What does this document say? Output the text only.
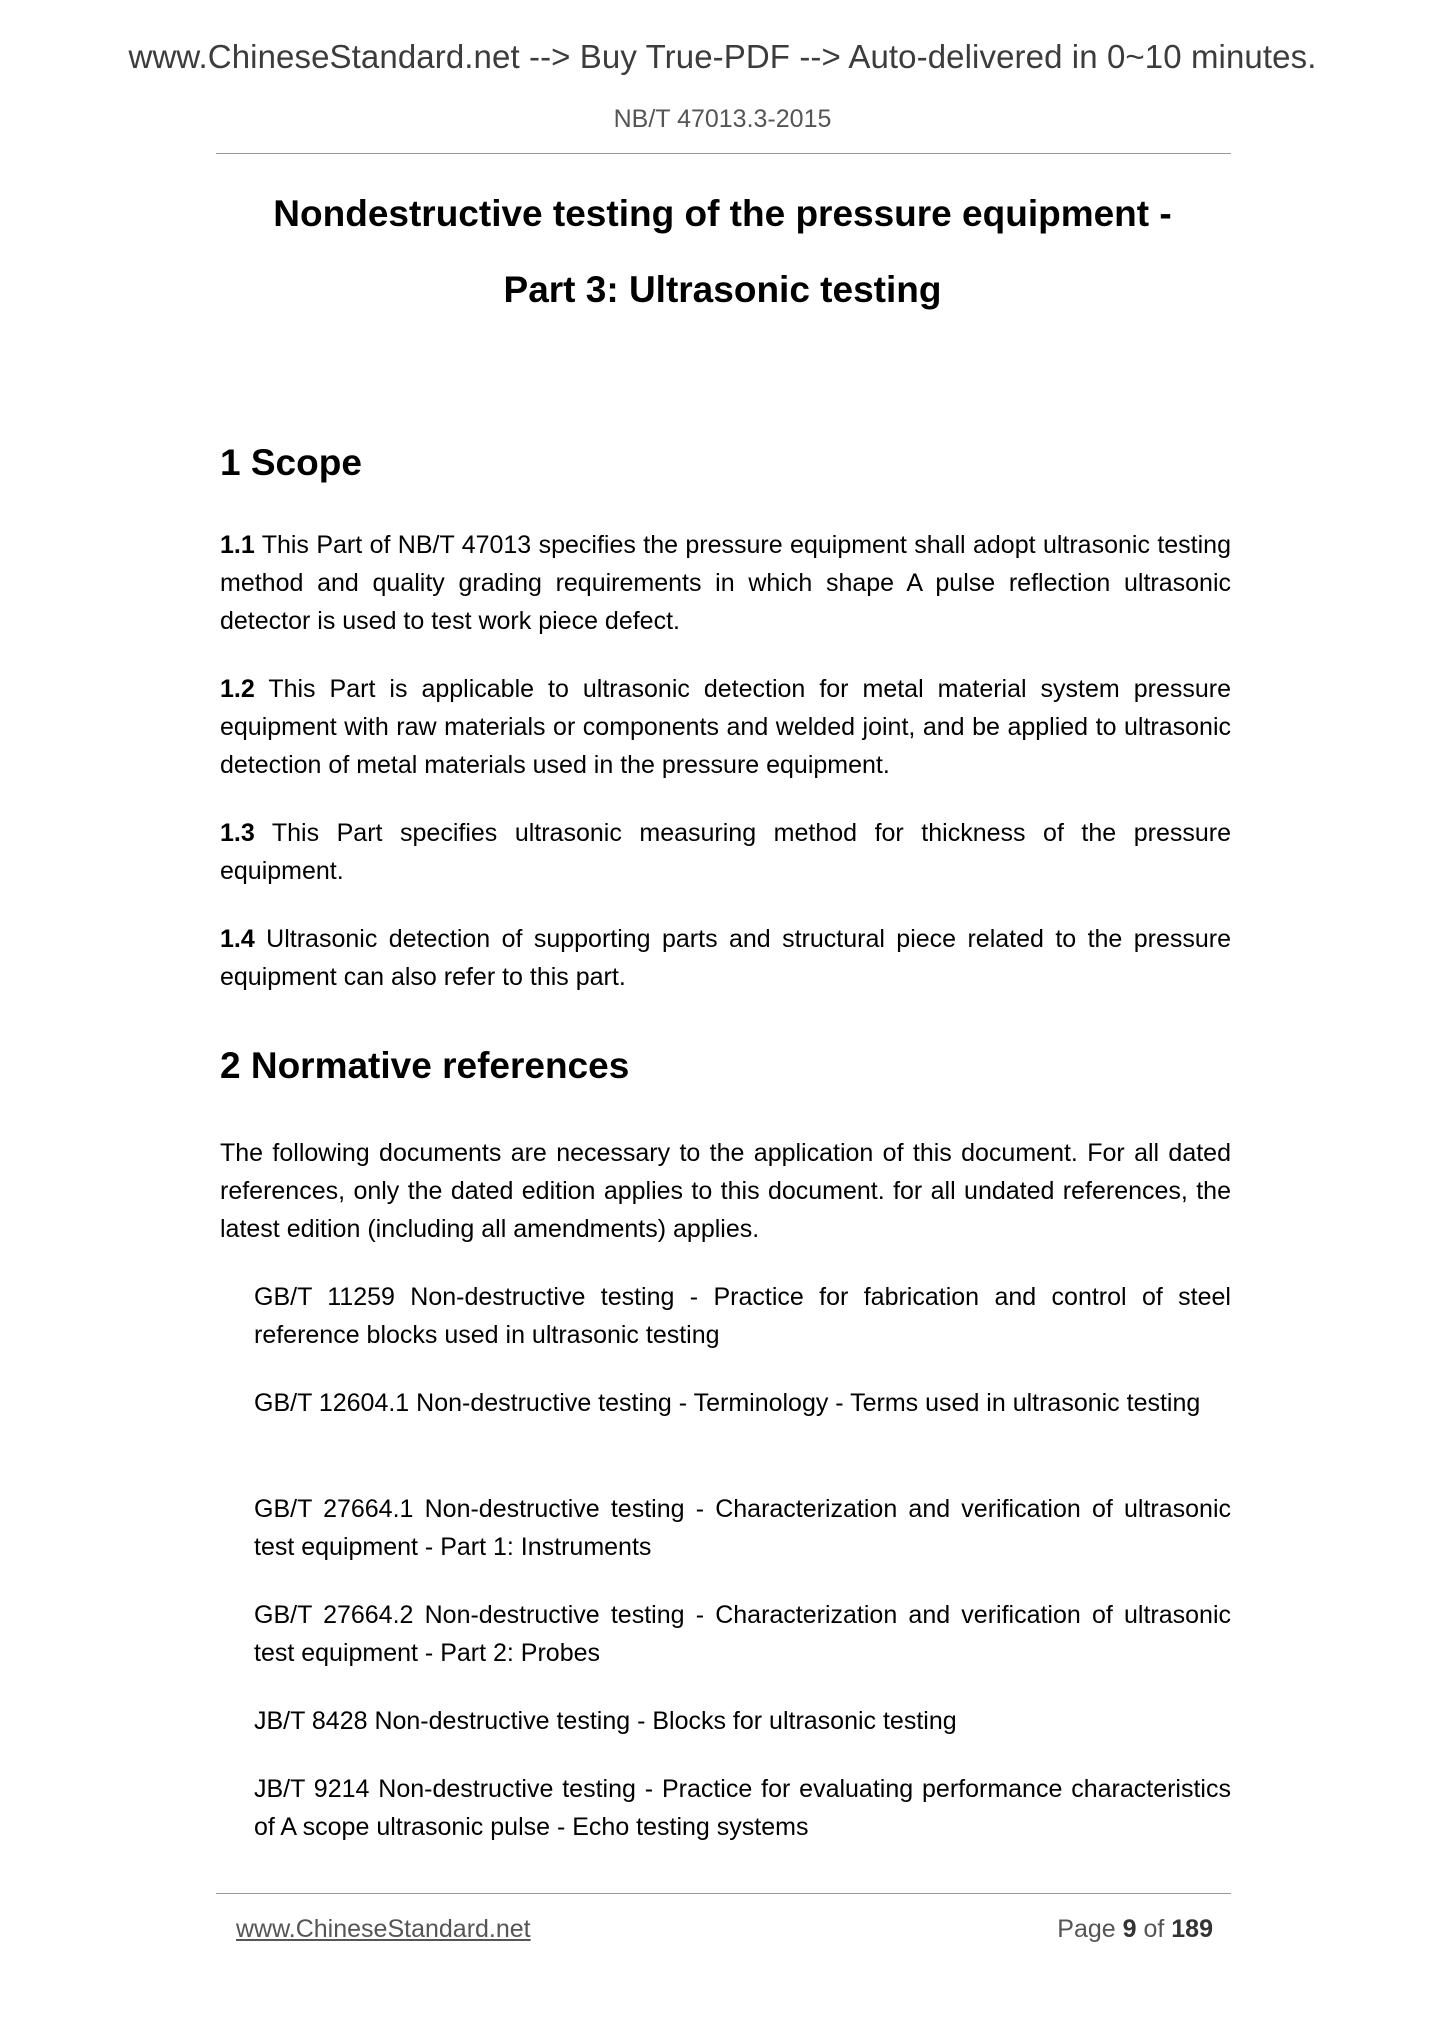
www.ChineseStandard.net --> Buy True-PDF --> Auto-delivered in 0~10 minutes.
NB/T 47013.3-2015
Nondestructive testing of the pressure equipment -
Part 3: Ultrasonic testing
1 Scope
1.1 This Part of NB/T 47013 specifies the pressure equipment shall adopt ultrasonic testing method and quality grading requirements in which shape A pulse reflection ultrasonic detector is used to test work piece defect.
1.2 This Part is applicable to ultrasonic detection for metal material system pressure equipment with raw materials or components and welded joint, and be applied to ultrasonic detection of metal materials used in the pressure equipment.
1.3 This Part specifies ultrasonic measuring method for thickness of the pressure equipment.
1.4 Ultrasonic detection of supporting parts and structural piece related to the pressure equipment can also refer to this part.
2 Normative references
The following documents are necessary to the application of this document. For all dated references, only the dated edition applies to this document. for all undated references, the latest edition (including all amendments) applies.
GB/T 11259 Non-destructive testing - Practice for fabrication and control of steel reference blocks used in ultrasonic testing
GB/T 12604.1 Non-destructive testing - Terminology - Terms used in ultrasonic testing
GB/T 27664.1 Non-destructive testing - Characterization and verification of ultrasonic test equipment - Part 1: Instruments
GB/T 27664.2 Non-destructive testing - Characterization and verification of ultrasonic test equipment - Part 2: Probes
JB/T 8428 Non-destructive testing - Blocks for ultrasonic testing
JB/T 9214 Non-destructive testing - Practice for evaluating performance characteristics of A scope ultrasonic pulse - Echo testing systems
www.ChineseStandard.net	Page 9 of 189
